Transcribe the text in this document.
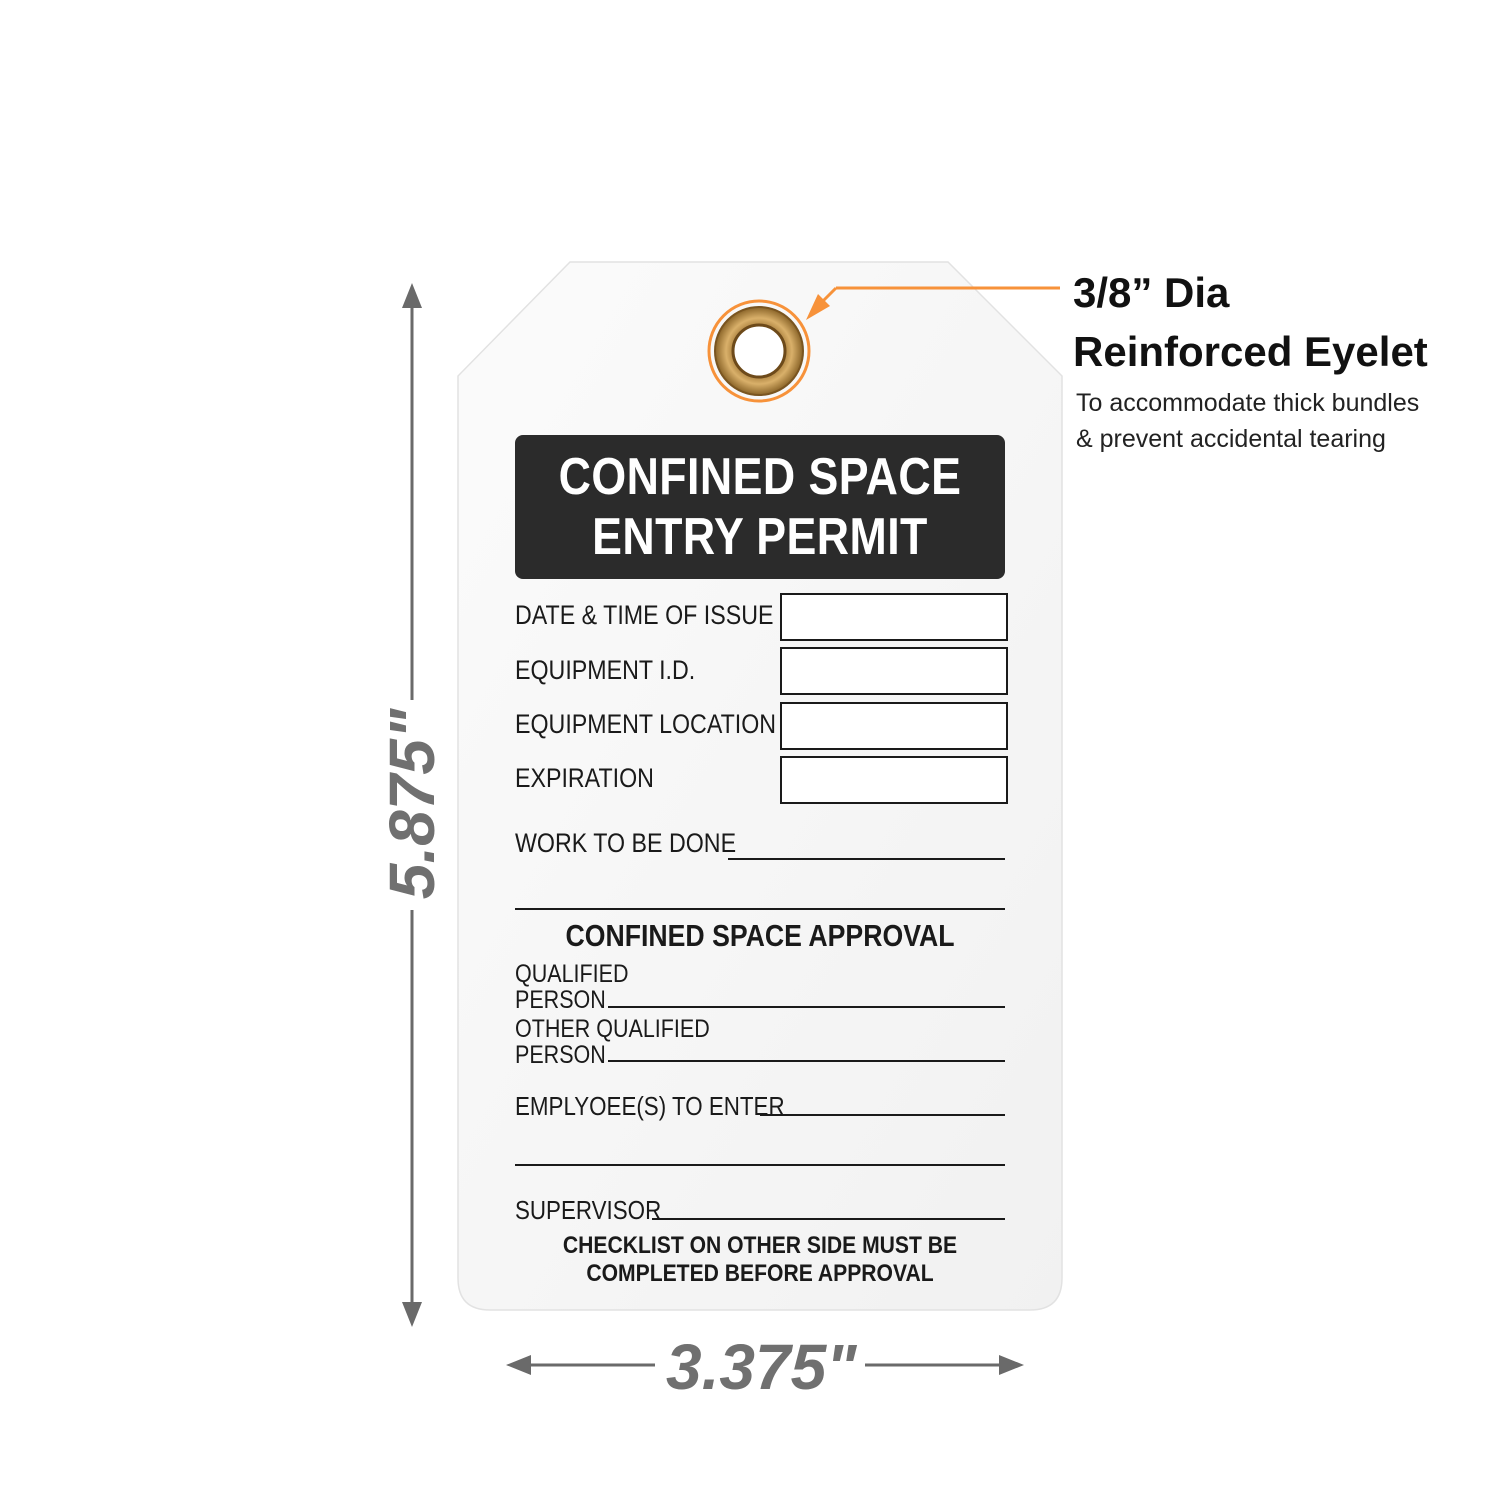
CONFINED SPACE
ENTRY PERMIT
DATE & TIME OF ISSUE
EQUIPMENT I.D.
EQUIPMENT LOCATION
EXPIRATION
WORK TO BE DONE
CONFINED SPACE APPROVAL
QUALIFIED
PERSON
OTHER QUALIFIED
PERSON
EMPLYOEE(S) TO ENTER
SUPERVISOR
CHECKLIST ON OTHER SIDE MUST BE
COMPLETED BEFORE APPROVAL
3/8” Dia
Reinforced Eyelet
To accommodate thick bundles
& prevent accidental tearing
3.375"
5.875"
